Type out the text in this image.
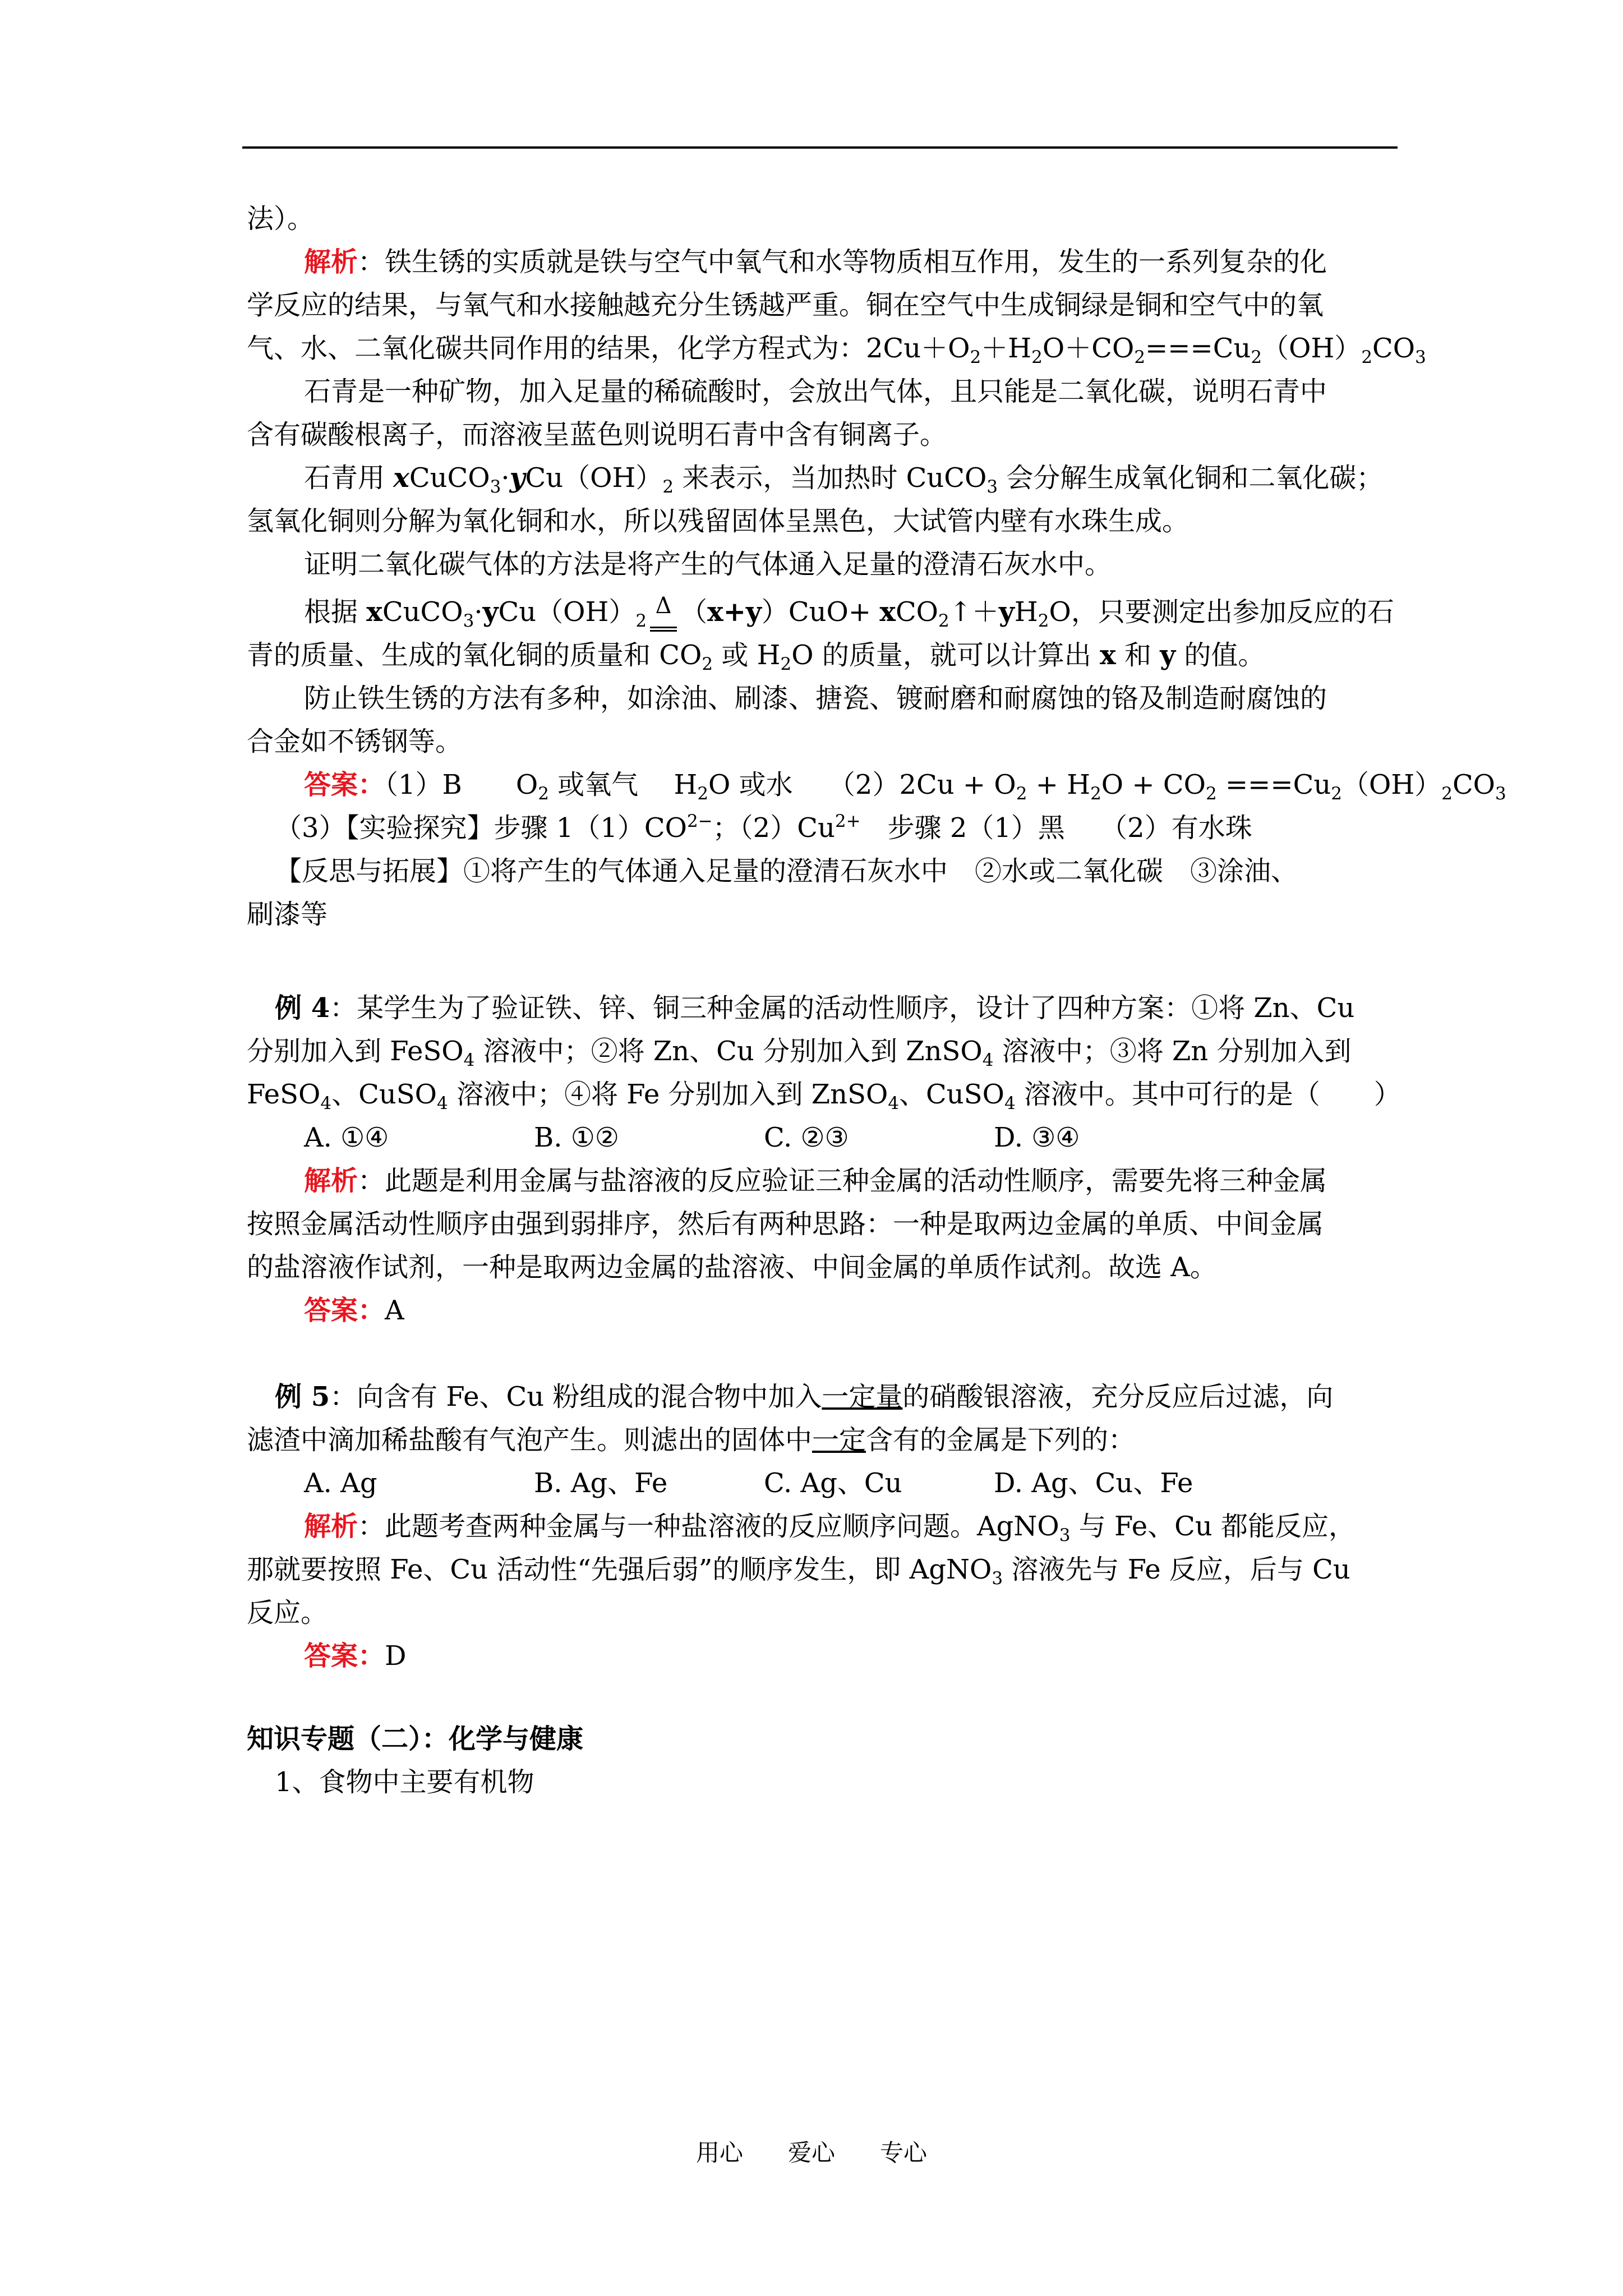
法）。
解析：铁生锈的实质就是铁与空气中氧气和水等物质相互作用，发生的一系列复杂的化
学反应的结果，与氧气和水接触越充分生锈越严重。铜在空气中生成铜绿是铜和空气中的氧
气、水、二氧化碳共同作用的结果，化学方程式为：$2Cu+O_2+H_2O+CO_2===Cu_2(OH)_2CO_3$
石青是一种矿物，加入足量的稀硫酸时，会放出气体，且只能是二氧化碳，说明石青中
含有碳酸根离子，而溶液呈蓝色则说明石青中含有铜离子。
石青用 $xCuCO_3\cdot yCu(OH)_2$ 来表示，当加热时 CuCO$_3$ 会分解生成氧化铜和二氧化碳；
氢氧化铜则分解为氧化铜和水，所以残留固体呈黑色，大试管内壁有水珠生成。
证明二氧化碳气体的方法是将产生的气体通入足量的澄清石灰水中。
根据 $xCuCO_3\cdot yCu(OH)_2^\Delta$ $(x+y)CuO+ xCO_2↑+yH_2O$，只要测定出参加反应的石
青的质量、生成的氧化铜的质量和 $CO_2$ 或 $H_2O$ 的质量，就可以计算出 x 和 y 的值。
防止铁生锈的方法有多种，如涂油、刷漆、搪瓷、镀耐磨和耐腐蚀的铬及制造耐腐蚀的
合金如不锈钢等。
答案：（1）B　　$O_2$ 或氧气　 $H_2O$ 或水　 $(2)2Cu + O_2 + H_2O + CO_2 ===Cu_2(OH)_2CO_3$
（3）【实验探究】步骤 $1(1)CO^{2-}$；$(2)Cu^{2+}$　步骤 2（1）黑　 （2）有水珠
【反思与拓展】①将产生的气体通入足量的澄清石灰水中　②水或二氧化碳　③涂油、
刷漆等
例 4：某学生为了验证铁、锌、铜三种金属的活动性顺序，设计了四种方案：①将 Zn、Cu
分别加入到 FeSO$_4$ 溶液中；②将 Zn、Cu 分别加入到 ZnSO$_4$ 溶液中；③将 Zn 分别加入到
FeSO$_4$、CuSO$_4$ 溶液中；④将 Fe 分别加入到 ZnSO$_4$、CuSO$_4$ 溶液中。其中可行的是（　　）
A. ①④	B. ①②	C. ②③	D. ③④
解析：此题是利用金属与盐溶液的反应验证三种金属的活动性顺序，需要先将三种金属
按照金属活动性顺序由强到弱排序，然后有两种思路：一种是取两边金属的单质、中间金属
的盐溶液作试剂，一种是取两边金属的盐溶液、中间金属的单质作试剂。故选 A。
答案：A
例 5：向含有 Fe、Cu 粉组成的混合物中加入一定量的硝酸银溶液，充分反应后过滤，向
滤渣中滴加稀盐酸有气泡产生。则滤出的固体中一定含有的金属是下列的：
A. Ag	B. Ag、Fe	C. Ag、Cu	D. Ag、Cu、Fe
解析：此题考查两种金属与一种盐溶液的反应顺序问题。AgNO$_3$ 与 Fe、Cu 都能反应，
那就要按照 Fe、Cu 活动性“先强后弱”的顺序发生，即 AgNO$_3$ 溶液先与 Fe 反应，后与 Cu
反应。
答案：D
知识专题（二）：化学与健康
1、食物中主要有机物
用心 爱心 专心
